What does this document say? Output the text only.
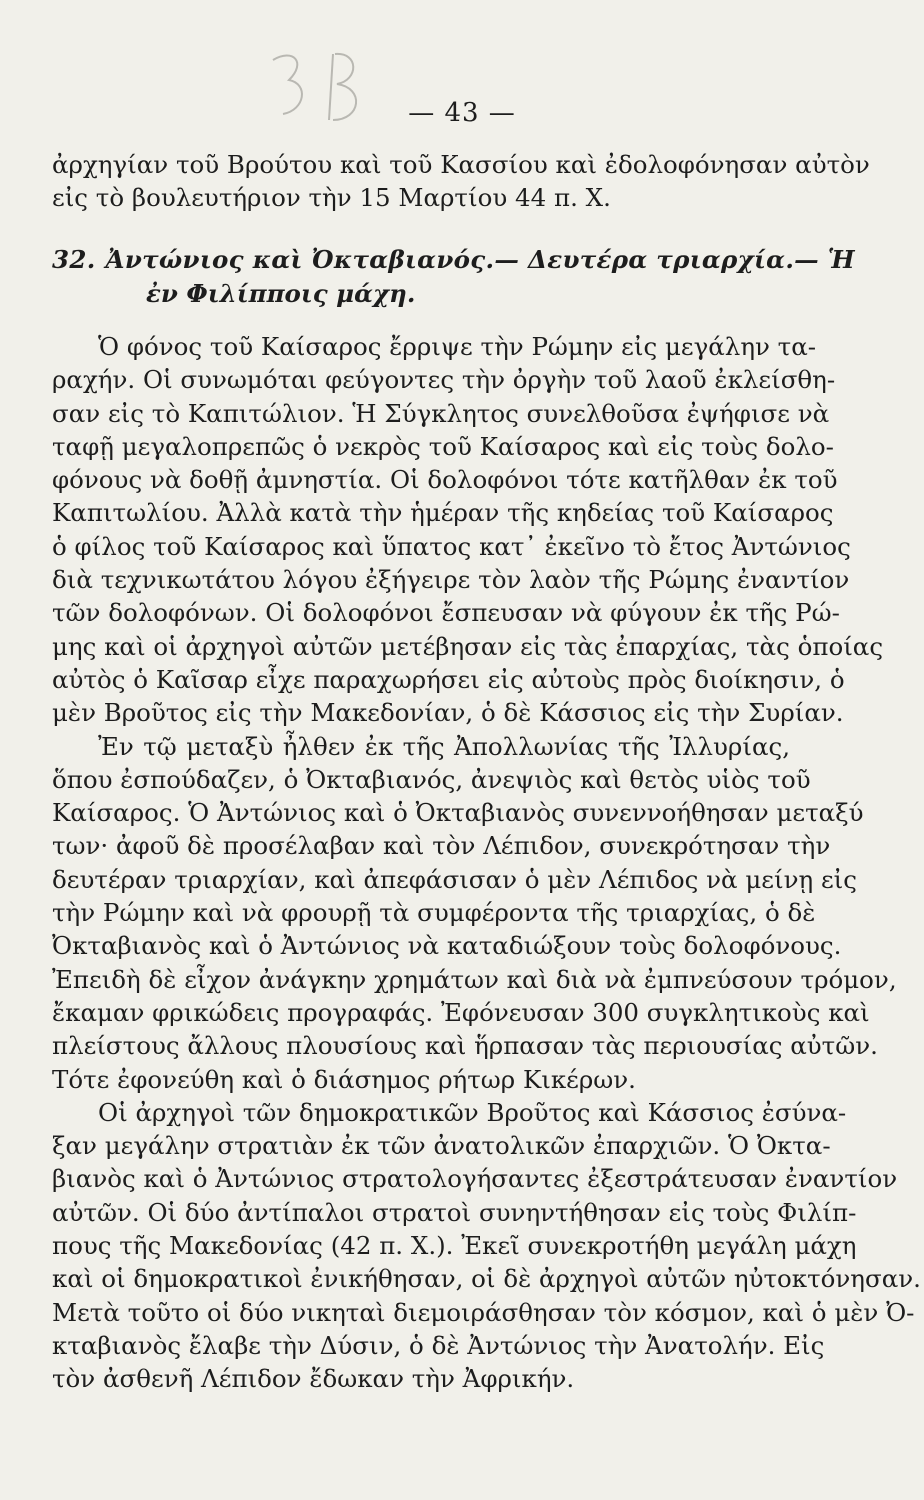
— 43 —
ἀρχηγίαν τοῦ Βρούτου καὶ τοῦ Κασσίου καὶ ἐδολοφόνησαν αὐτὸν
εἰς τὸ βουλευτήριον τὴν 15 Μαρτίου 44 π. Χ.
32. Ἀντώνιος καὶ Ὀκταβιανός.— Δευτέρα τριαρχία.— Ἡ
ἐν Φιλίπποις μάχη.
Ὁ φόνος τοῦ Καίσαρος ἔρριψε τὴν Ρώμην εἰς μεγάλην τα-
ραχήν. Οἱ συνωμόται φεύγοντες τὴν ὀργὴν τοῦ λαοῦ ἐκλείσθη-
σαν εἰς τὸ Καπιτώλιον. Ἡ Σύγκλητος συνελθοῦσα ἐψήφισε νὰ
ταφῇ μεγαλοπρεπῶς ὁ νεκρὸς τοῦ Καίσαρος καὶ εἰς τοὺς δολο-
φόνους νὰ δοθῇ ἀμνηστία. Οἱ δολοφόνοι τότε κατῆλθαν ἐκ τοῦ
Καπιτωλίου. Ἀλλὰ κατὰ τὴν ἡμέραν τῆς κηδείας τοῦ Καίσαρος
ὁ φίλος τοῦ Καίσαρος καὶ ὕπατος κατ᾽ ἐκεῖνο τὸ ἔτος Ἀντώνιος
διὰ τεχνικωτάτου λόγου ἐξήγειρε τὸν λαὸν τῆς Ρώμης ἐναντίον
τῶν δολοφόνων. Οἱ δολοφόνοι ἔσπευσαν νὰ φύγουν ἐκ τῆς Ρώ-
μης καὶ οἱ ἀρχηγοὶ αὐτῶν μετέβησαν εἰς τὰς ἐπαρχίας, τὰς ὁποίας
αὐτὸς ὁ Καῖσαρ εἶχε παραχωρήσει εἰς αὐτοὺς πρὸς διοίκησιν, ὁ
μὲν Βροῦτος εἰς τὴν Μακεδονίαν, ὁ δὲ Κάσσιος εἰς τὴν Συρίαν.
Ἐν τῷ μεταξὺ ἦλθεν ἐκ τῆς Ἀπολλωνίας τῆς Ἰλλυρίας,
ὅπου ἐσπούδαζεν, ὁ Ὀκταβιανός, ἀνεψιὸς καὶ θετὸς υἱὸς τοῦ
Καίσαρος. Ὁ Ἀντώνιος καὶ ὁ Ὀκταβιανὸς συνεννοήθησαν μεταξύ
των· ἀφοῦ δὲ προσέλαβαν καὶ τὸν Λέπιδον, συνεκρότησαν τὴν
δευτέραν τριαρχίαν, καὶ ἀπεφάσισαν ὁ μὲν Λέπιδος νὰ μείνῃ εἰς
τὴν Ρώμην καὶ νὰ φρουρῇ τὰ συμφέροντα τῆς τριαρχίας, ὁ δὲ
Ὀκταβιανὸς καὶ ὁ Ἀντώνιος νὰ καταδιώξουν τοὺς δολοφόνους.
Ἐπειδὴ δὲ εἶχον ἀνάγκην χρημάτων καὶ διὰ νὰ ἐμπνεύσουν τρόμον,
ἔκαμαν φρικώδεις προγραφάς. Ἐφόνευσαν 300 συγκλητικοὺς καὶ
πλείστους ἄλλους πλουσίους καὶ ἥρπασαν τὰς περιουσίας αὐτῶν.
Τότε ἐφονεύθη καὶ ὁ διάσημος ρήτωρ Κικέρων.
Οἱ ἀρχηγοὶ τῶν δημοκρατικῶν Βροῦτος καὶ Κάσσιος ἐσύνα-
ξαν μεγάλην στρατιὰν ἐκ τῶν ἀνατολικῶν ἐπαρχιῶν. Ὁ Ὀκτα-
βιανὸς καὶ ὁ Ἀντώνιος στρατολογήσαντες ἐξεστράτευσαν ἐναντίον
αὐτῶν. Οἱ δύο ἀντίπαλοι στρατοὶ συνηντήθησαν εἰς τοὺς Φιλίπ-
πους τῆς Μακεδονίας (42 π. Χ.). Ἐκεῖ συνεκροτήθη μεγάλη μάχη
καὶ οἱ δημοκρατικοὶ ἐνικήθησαν, οἱ δὲ ἀρχηγοὶ αὐτῶν ηὐτοκτόνησαν.
Μετὰ τοῦτο οἱ δύο νικηταὶ διεμοιράσθησαν τὸν κόσμον, καὶ ὁ μὲν Ὀ-
κταβιανὸς ἔλαβε τὴν Δύσιν, ὁ δὲ Ἀντώνιος τὴν Ἀνατολήν. Εἰς
τὸν ἀσθενῆ Λέπιδον ἔδωκαν τὴν Ἀφρικήν.
